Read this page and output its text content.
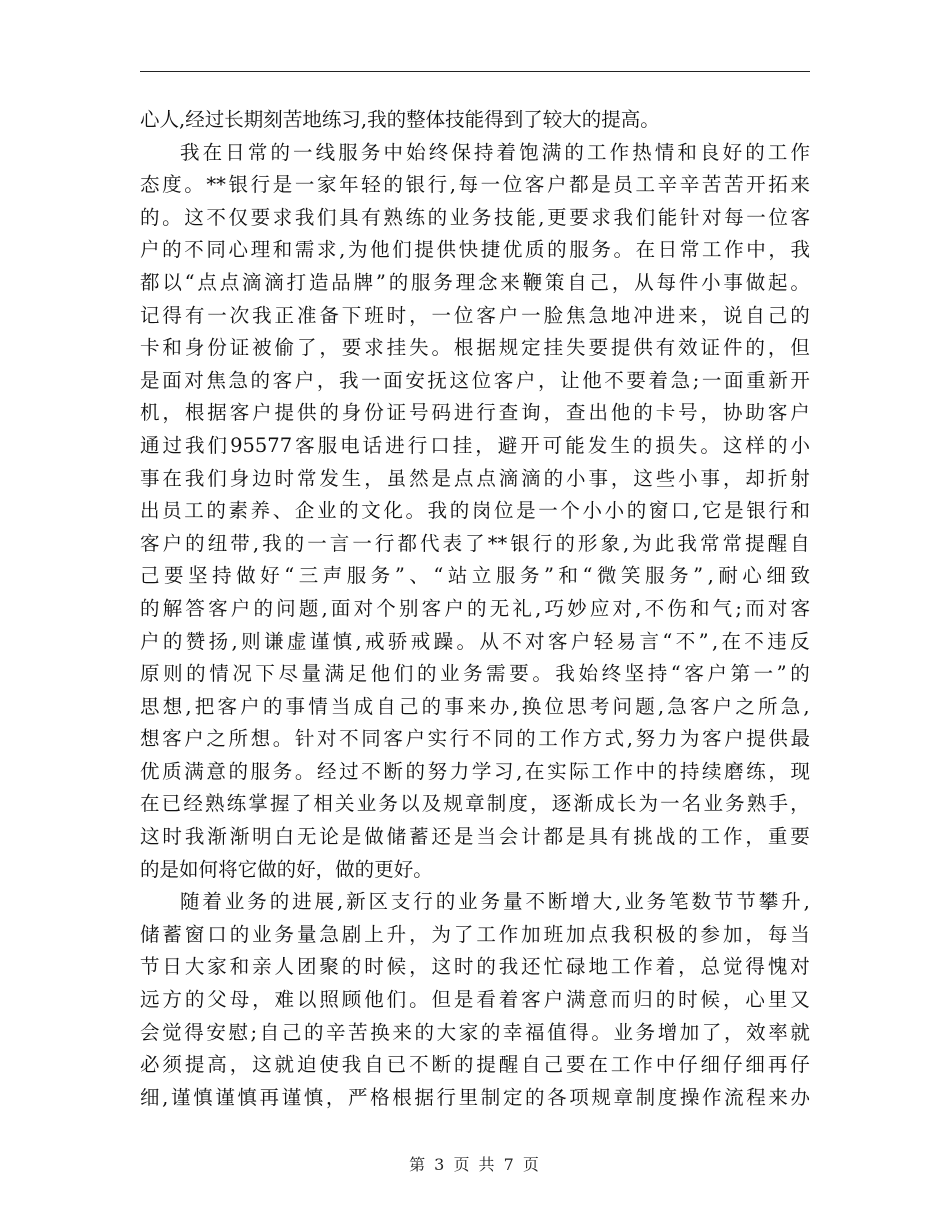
心 人 , 经 过 长 期 刻 苦 地 练 习 , 我 的 整 体 技 能 得 到 了 较 大 的 提 高 。
我 在 日 常 的 一 线 服 务 中 始 终 保 持 着 饱 满 的 工 作 热 情 和 良 好 的 工 作
态 度 。 ** 银 行 是 一 家 年 轻 的 银 行 , 每 一 位 客 户 都 是 员 工 辛 辛 苦 苦 开 拓 来
的 。 这 不 仅 要 求 我 们 具 有 熟 练 的 业 务 技 能 , 更 要 求 我 们 能 针 对 每 一 位 客
户 的 不 同 心 理 和 需 求 , 为 他 们 提 供 快 捷 优 质 的 服 务 。 在 日 常 工 作 中 ， 我
都 以 “ 点 点 滴 滴 打 造 品 牌 ” 的 服 务 理 念 来 鞭 策 自 己 ， 从 每 件 小 事 做 起 。
记 得 有 一 次 我 正 准 备 下 班 时 ， 一 位 客 户 一 脸 焦 急 地 冲 进 来 ， 说 自 己 的
卡 和 身 份 证 被 偷 了 ， 要 求 挂 失 。 根 据 规 定 挂 失 要 提 供 有 效 证 件 的 ， 但
是 面 对 焦 急 的 客 户 ， 我 一 面 安 抚 这 位 客 户 ， 让 他 不 要 着 急 ; 一 面 重 新 开
机 ， 根 据 客 户 提 供 的 身 份 证 号 码 进 行 查 询 ， 查 出 他 的 卡 号 ， 协 助 客 户
通 过 我 们 95577 客 服 电 话 进 行 口 挂 ， 避 开 可 能 发 生 的 损 失 。 这 样 的 小
事 在 我 们 身 边 时 常 发 生 ， 虽 然 是 点 点 滴 滴 的 小 事 ， 这 些 小 事 ， 却 折 射
出 员 工 的 素 养 、 企 业 的 文 化 。 我 的 岗 位 是 一 个 小 小 的 窗 口 , 它 是 银 行 和
客 户 的 纽 带 , 我 的 一 言 一 行 都 代 表 了 ** 银 行 的 形 象 , 为 此 我 常 常 提 醒 自
己 要 坚 持 做 好 “ 三 声 服 务 ” 、 “ 站 立 服 务 ” 和 “ 微 笑 服 务 ” , 耐 心 细 致
的 解 答 客 户 的 问 题 , 面 对 个 别 客 户 的 无 礼 , 巧 妙 应 对 , 不 伤 和 气 ; 而 对 客
户 的 赞 扬 , 则 谦 虚 谨 慎 , 戒 骄 戒 躁 。 从 不 对 客 户 轻 易 言 “ 不 ” , 在 不 违 反
原 则 的 情 况 下 尽 量 满 足 他 们 的 业 务 需 要 。 我 始 终 坚 持 “ 客 户 第 一 ” 的
思 想 , 把 客 户 的 事 情 当 成 自 己 的 事 来 办 , 换 位 思 考 问 题 , 急 客 户 之 所 急 ,
想 客 户 之 所 想 。 针 对 不 同 客 户 实 行 不 同 的 工 作 方 式 , 努 力 为 客 户 提 供 最
优 质 满 意 的 服 务 。 经 过 不 断 的 努 力 学 习 , 在 实 际 工 作 中 的 持 续 磨 练 ， 现
在 已 经 熟 练 掌 握 了 相 关 业 务 以 及 规 章 制 度 ， 逐 渐 成 长 为 一 名 业 务 熟 手 ，
这 时 我 渐 渐 明 白 无 论 是 做 储 蓄 还 是 当 会 计 都 是 具 有 挑 战 的 工 作 ， 重 要
的 是 如 何 将 它 做 的 好 ， 做 的 更 好 。
随 着 业 务 的 进 展 , 新 区 支 行 的 业 务 量 不 断 增 大 , 业 务 笔 数 节 节 攀 升 ,
储 蓄 窗 口 的 业 务 量 急 剧 上 升 ， 为 了 工 作 加 班 加 点 我 积 极 的 参 加 ， 每 当
节 日 大 家 和 亲 人 团 聚 的 时 候 ， 这 时 的 我 还 忙 碌 地 工 作 着 ， 总 觉 得 愧 对
远 方 的 父 母 ， 难 以 照 顾 他 们 。 但 是 看 着 客 户 满 意 而 归 的 时 候 ， 心 里 又
会 觉 得 安 慰 ; 自 己 的 辛 苦 换 来 的 大 家 的 幸 福 值 得 。 业 务 增 加 了 ， 效 率 就
必 须 提 高 ， 这 就 迫 使 我 自 已 不 断 的 提 醒 自 己 要 在 工 作 中 仔 细 仔 细 再 仔
细 , 谨 慎 谨 慎 再 谨 慎 ， 严 格 根 据 行 里 制 定 的 各 项 规 章 制 度 操 作 流 程 来 办
第 3 页 共 7 页
